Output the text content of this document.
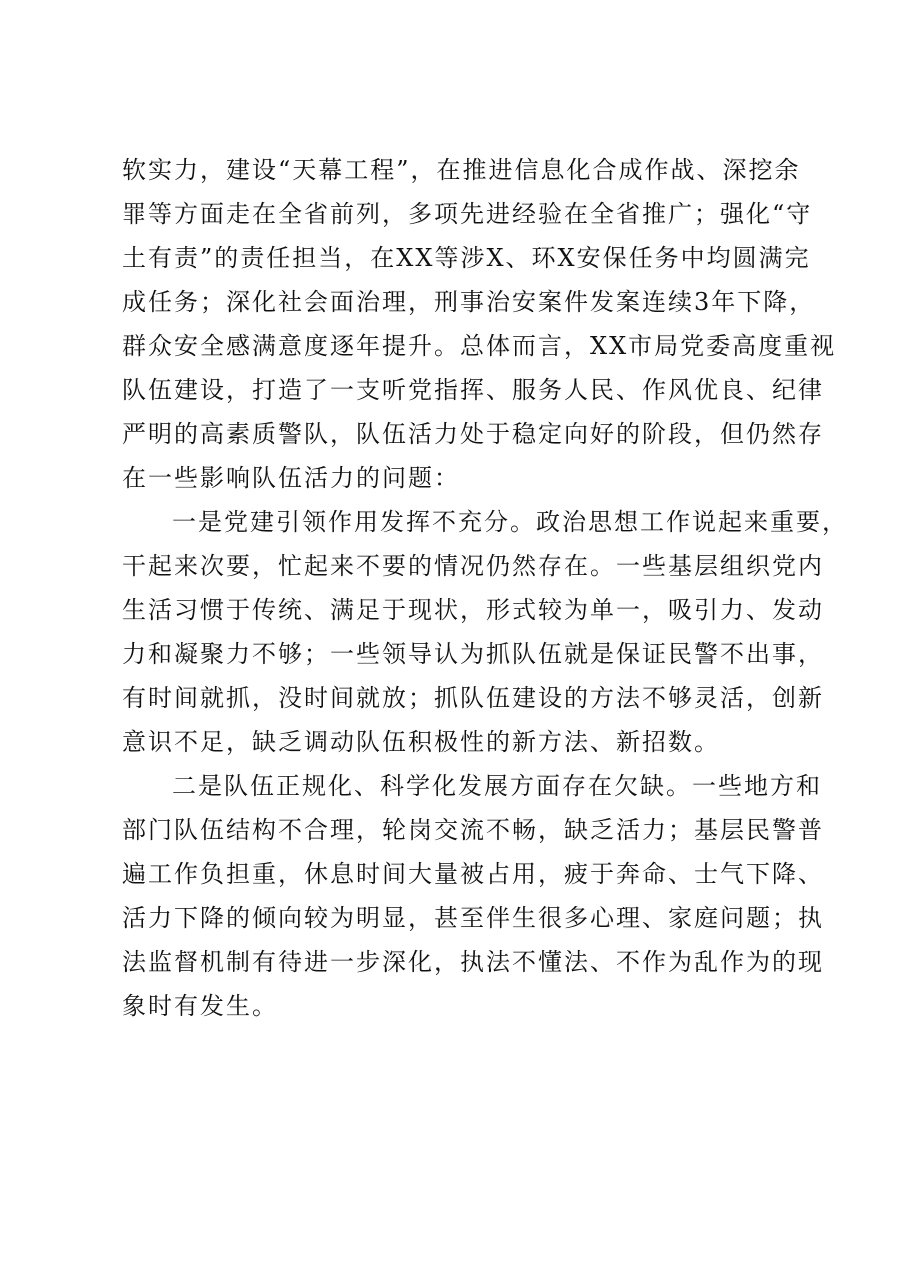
软实力，建设“天幕工程”，在推进信息化合成作战、深挖余
罪等方面走在全省前列，多项先进经验在全省推广；强化“守
土有责”的责任担当，在XX等涉X、环X安保任务中均圆满完
成任务；深化社会面治理，刑事治安案件发案连续3年下降，
群众安全感满意度逐年提升。总体而言，XX市局党委高度重视
队伍建设，打造了一支听党指挥、服务人民、作风优良、纪律
严明的高素质警队，队伍活力处于稳定向好的阶段，但仍然存
在一些影响队伍活力的问题：
一是党建引领作用发挥不充分。政治思想工作说起来重要，
干起来次要，忙起来不要的情况仍然存在。一些基层组织党内
生活习惯于传统、满足于现状，形式较为单一，吸引力、发动
力和凝聚力不够；一些领导认为抓队伍就是保证民警不出事，
有时间就抓，没时间就放；抓队伍建设的方法不够灵活，创新
意识不足，缺乏调动队伍积极性的新方法、新招数。
二是队伍正规化、科学化发展方面存在欠缺。一些地方和
部门队伍结构不合理，轮岗交流不畅，缺乏活力；基层民警普
遍工作负担重，休息时间大量被占用，疲于奔命、士气下降、
活力下降的倾向较为明显，甚至伴生很多心理、家庭问题；执
法监督机制有待进一步深化，执法不懂法、不作为乱作为的现
象时有发生。
